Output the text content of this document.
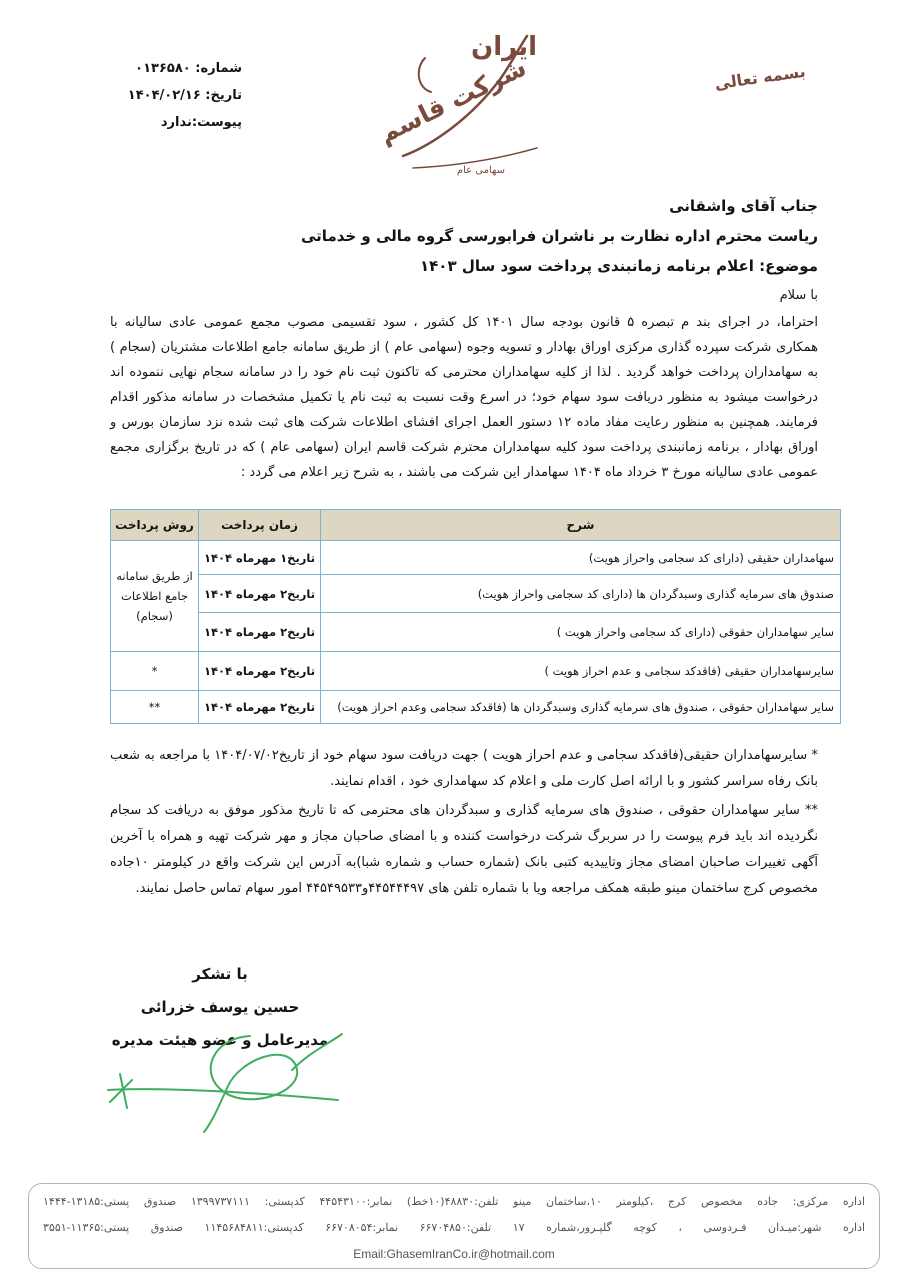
بسمه تعالی
ایران
شرکت قاسم
سهامی عام
شماره: ۰۱۳۶۵۸۰
تاریخ: ۱۴۰۴/۰۲/۱۶
پیوست:ندارد
جناب آقای واشقانی
ریاست محترم اداره نظارت بر ناشران فرابورسی گروه مالی و خدماتی
موضوع: اعلام برنامه زمانبندی پرداخت سود سال ۱۴۰۳
با سلام
احتراما، در اجرای بند م تبصره ۵ قانون بودجه سال ۱۴۰۱ کل کشور ، سود تقسیمی مصوب مجمع عمومی عادی سالیانه با
همکاری شرکت سپرده گذاری مرکزی اوراق بهادار و تسویه وجوه (سهامی عام ) از طریق سامانه جامع اطلاعات مشتریان (سجام )
به سهامداران پرداخت خواهد گردید . لذا از کلیه سهامداران محترمی که تاکنون ثبت نام خود را در سامانه سجام نهایی ننموده اند
درخواست میشود به منظور دریافت سود سهام خود؛ در اسرع وقت نسبت به ثبت نام یا تکمیل مشخصات در سامانه مذکور اقدام
فرمایند. همچنین به منظور رعایت مفاد ماده ۱۲ دستور العمل اجرای افشای اطلاعات شرکت های ثبت شده نزد سازمان بورس و
اوراق بهادار ، برنامه زمانبندی پرداخت سود کلیه سهامداران محترم شرکت قاسم ایران (سهامی عام ) که در تاریخ برگزاری مجمع
عمومی عادی سالیانه مورخ ۳ خرداد ماه ۱۴۰۴ سهامدار این شرکت می باشند ، به شرح زیر اعلام می گردد :
شرح	زمان پرداخت	روش پرداخت
سهامداران حقیقی (دارای کد سجامی واحراز هویت)	تاریخ۱ مهرماه ۱۴۰۴	از طریق سامانه
جامع اطلاعات
(سجام)

صندوق های سرمایه گذاری وسبدگردان ها (دارای کد سجامی واحراز هویت)	تاریخ۲ مهرماه ۱۴۰۴	
سایر سهامداران حقوقی (دارای کد سجامی واحراز هویت )	تاریخ۲ مهرماه ۱۴۰۴	
سایرسهامداران حقیقی (فاقدکد سجامی و عدم احراز هویت )	تاریخ۲ مهرماه ۱۴۰۴	*
سایر سهامداران حقوقی ، صندوق های سرمایه گذاری وسبدگردان ها (فاقدکد سجامی وعدم احراز هویت)	تاریخ۲ مهرماه ۱۴۰۴	**
* سایرسهامداران حقیقی(فاقدکد سجامی و عدم احراز هویت ) جهت دریافت سود سهام خود از تاریخ۱۴۰۴/۰۷/۰۲ با مراجعه به شعب بانک رفاه سراسر کشور و با ارائه اصل کارت ملی و اعلام کد سهامداری خود ، اقدام نمایند.
** سایر سهامداران حقوقی ، صندوق های سرمایه گذاری و سبدگردان های محترمی که تا تاریخ مذکور موفق به دریافت کد سجام نگردیده اند باید فرم پیوست را در سربرگ شرکت درخواست کننده و با امضای صاحبان مجاز و مهر شرکت تهیه و همراه با آخرین آگهی تغییرات صاحبان امضای مجاز وتاییدیه کتبی بانک (شماره حساب و شماره شبا)به آدرس این شرکت واقع در کیلومتر ۱۰جاده مخصوص کرج ساختمان مینو طبقه همکف مراجعه ویا با شماره تلفن های ۴۴۵۴۴۴۹۷و۴۴۵۴۹۵۳۳ امور سهام تماس حاصل نمایند.
با تشکر
حسین یوسف خزرائی
مدیرعامل و عضو هیئت مدیره
اداره مرکزی: جاده مخصوص کرج ،کیلومتر ۱۰،ساختمان مینو تلفن:۴۸۸۳۰(۱۰خط) نمابر:۴۴۵۴۳۱۰۰ کدپستی: ۱۳۹۹۷۳۷۱۱۱ صندوق پستی:۱۳۱۸۵-۱۴۴۴
اداره شهر:میـدان فـردوسی ، کوچه گلپـرور،شماره ۱۷ تلفن:۶۶۷۰۴۸۵۰ نمابر:۶۶۷۰۸۰۵۴ کدپستی:۱۱۴۵۶۸۴۸۱۱ صندوق پستی:۱۱۳۶۵-۳۵۵۱
Email:GhasemIranCo.ir@hotmail.com
